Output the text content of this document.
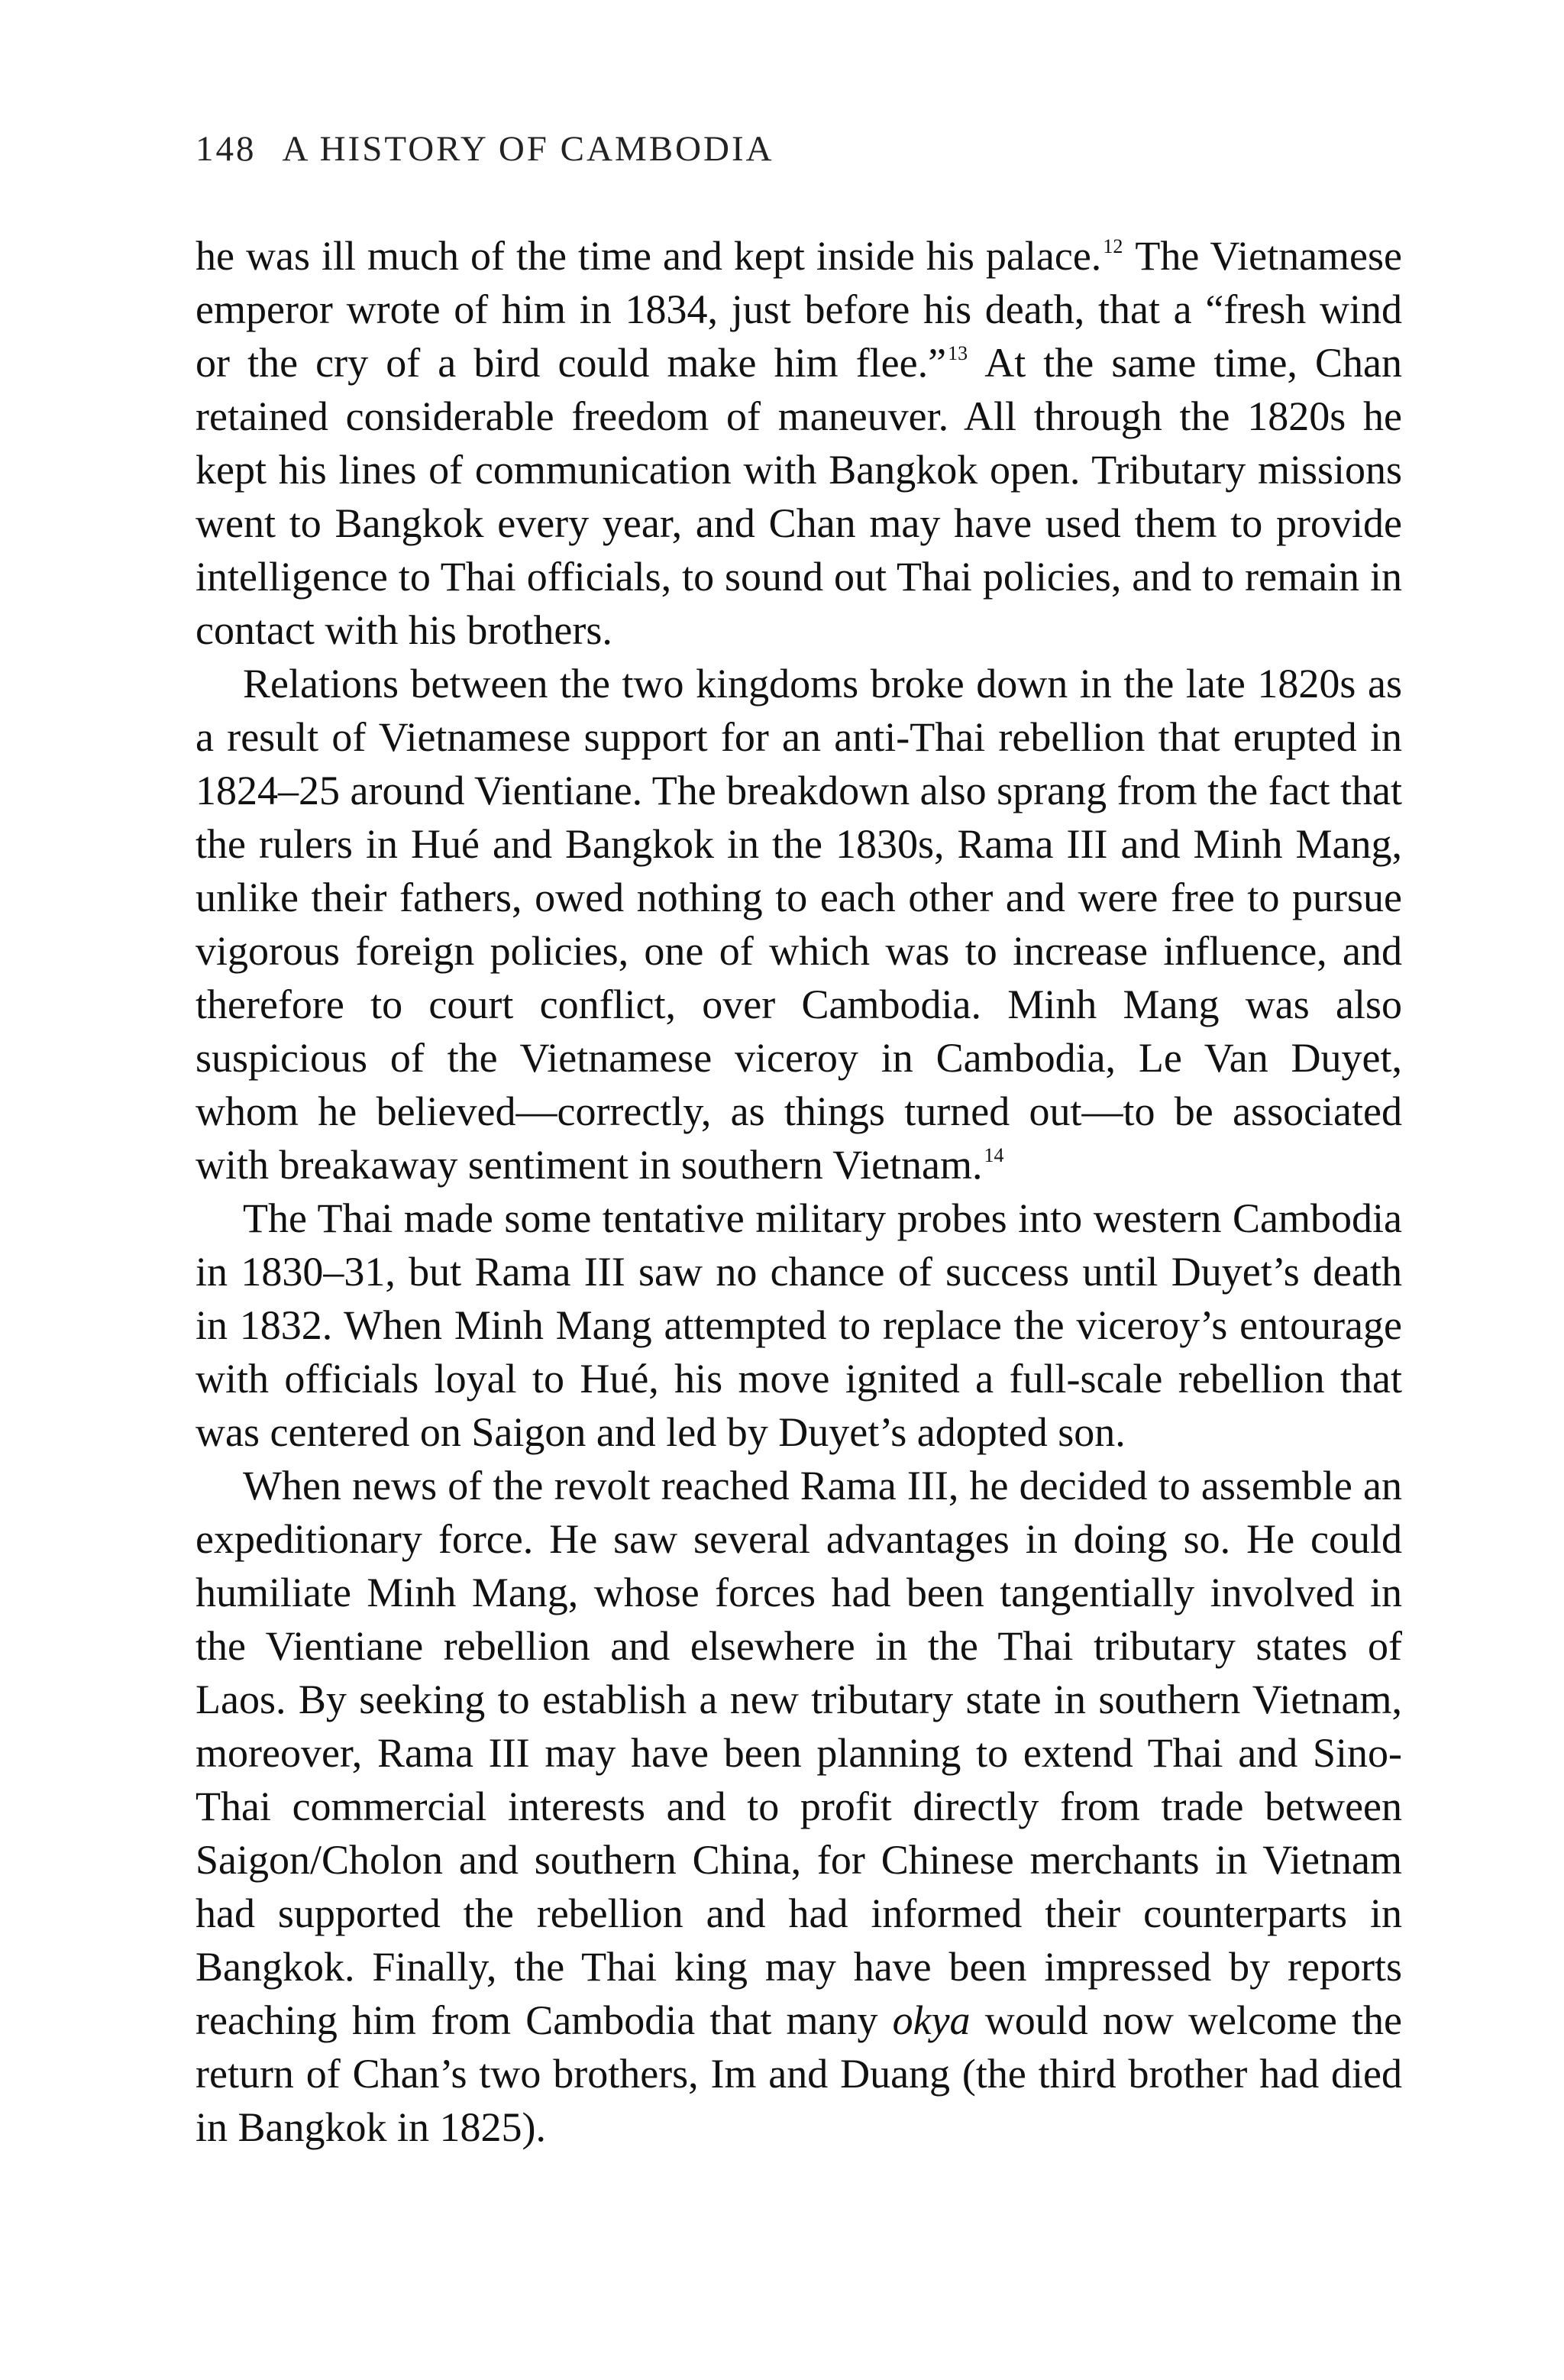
148 A HISTORY OF CAMBODIA

he was ill much of the time and kept inside his palace.$^{12}$ The Vietnamese emperor wrote of him in 1834, just before his death, that a “fresh wind or the cry of a bird could make him flee.”$^{13}$ At the same time, Chan retained considerable freedom of maneuver. All through the 1820s he kept his lines of communication with Bangkok open. Tributary missions went to Bangkok every year, and Chan may have used them to provide intelligence to Thai officials, to sound out Thai policies, and to remain in contact with his brothers.

Relations between the two kingdoms broke down in the late 1820s as a result of Vietnamese support for an anti-Thai rebellion that erupted in 1824–25 around Vientiane. The breakdown also sprang from the fact that the rulers in Hué and Bangkok in the 1830s, Rama III and Minh Mang, unlike their fathers, owed nothing to each other and were free to pursue vigorous foreign policies, one of which was to increase influence, and therefore to court conflict, over Cambodia. Minh Mang was also suspicious of the Vietnamese viceroy in Cambodia, Le Van Duyet, whom he believed—correctly, as things turned out—to be associated with breakaway sentiment in southern Vietnam.$^{14}$

The Thai made some tentative military probes into western Cambodia in 1830–31, but Rama III saw no chance of success until Duyet’s death in 1832. When Minh Mang attempted to replace the viceroy’s entourage with officials loyal to Hué, his move ignited a full-scale rebellion that was centered on Saigon and led by Duyet’s adopted son.

When news of the revolt reached Rama III, he decided to assemble an expeditionary force. He saw several advantages in doing so. He could humiliate Minh Mang, whose forces had been tangentially involved in the Vientiane rebellion and elsewhere in the Thai tributary states of Laos. By seeking to establish a new tributary state in southern Vietnam, moreover, Rama III may have been planning to extend Thai and Sino-Thai commercial interests and to profit directly from trade between Saigon/Cholon and southern China, for Chinese merchants in Vietnam had supported the rebellion and had informed their counterparts in Bangkok. Finally, the Thai king may have been impressed by reports reaching him from Cambodia that many okya would now welcome the return of Chan’s two brothers, Im and Duang (the third brother had died in Bangkok in 1825).
